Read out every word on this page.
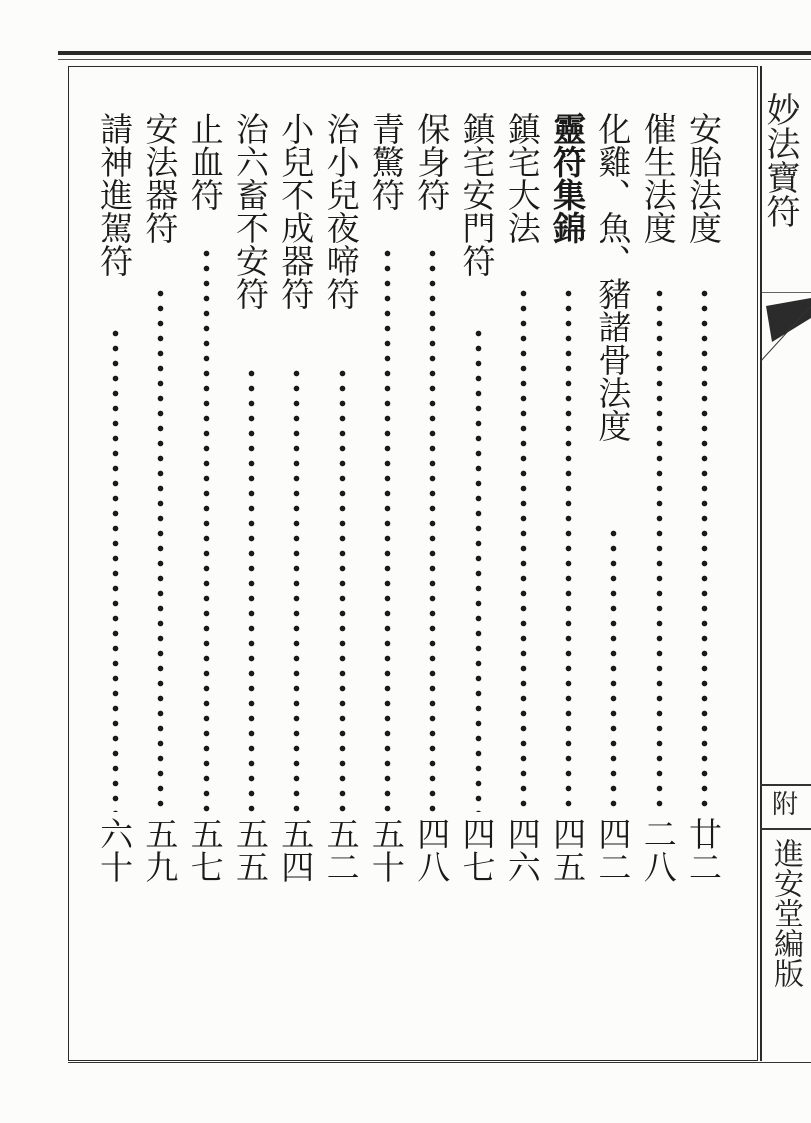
安胎法度
廿二
催生法度
二八
化雞、魚、豬諸骨法度
四二
靈符集錦
四五
鎮宅大法
四六
鎮宅安門符
四七
保身符
四八
青驚符
五十
治小兒夜啼符
五二
小兒不成器符
五四
治六畜不安符
五五
止血符
五七
安法器符
五九
請神進駕符
六十
妙法寶符
附
進安堂編版
